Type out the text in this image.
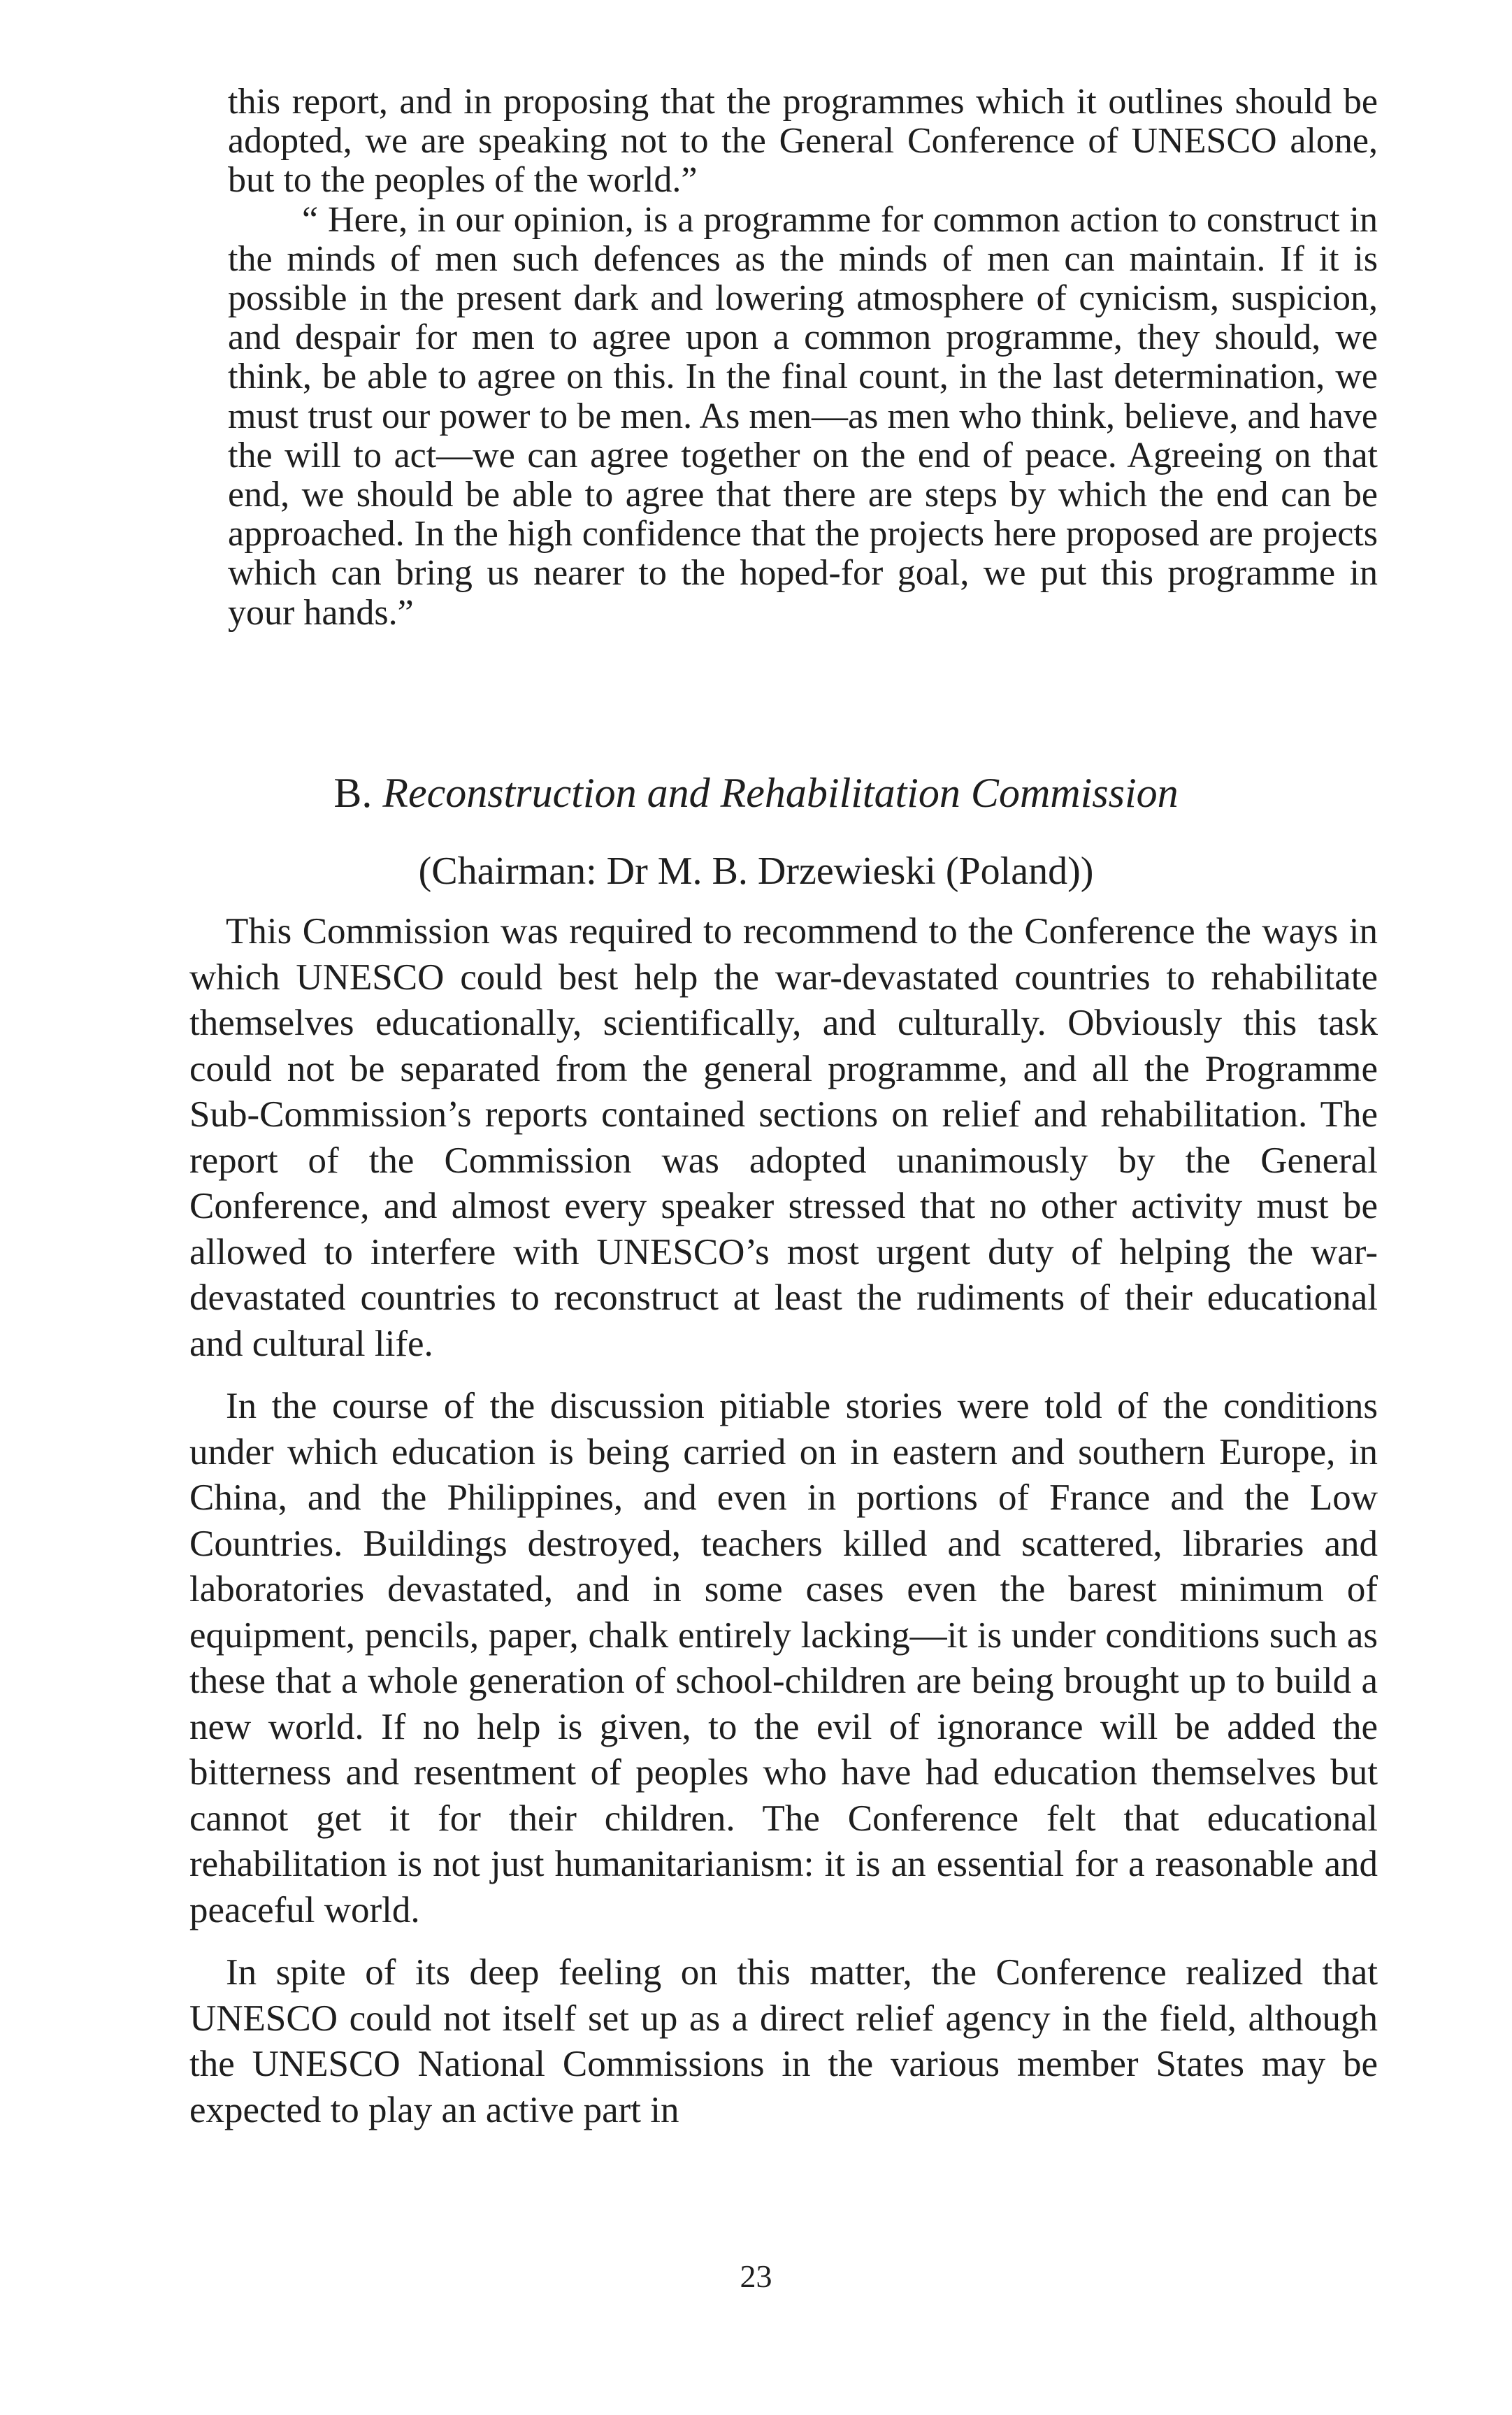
this report, and in proposing that the programmes which it outlines should be adopted, we are speaking not to the General Conference of UNESCO alone, but to the peoples of the world.”

“ Here, in our opinion, is a programme for common action to construct in the minds of men such defences as the minds of men can maintain. If it is possible in the present dark and lowering atmosphere of cynicism, suspicion, and despair for men to agree upon a common programme, they should, we think, be able to agree on this. In the final count, in the last determination, we must trust our power to be men. As men—as men who think, believe, and have the will to act—we can agree together on the end of peace. Agreeing on that end, we should be able to agree that there are steps by which the end can be approached. In the high confidence that the projects here proposed are projects which can bring us nearer to the hoped-for goal, we put this programme in your hands.”

B. Reconstruction and Rehabilitation Commission

(Chairman: Dr M. B. Drzewieski (Poland))

This Commission was required to recommend to the Conference the ways in which UNESCO could best help the war-devastated countries to rehabilitate themselves educationally, scientifically, and culturally. Obviously this task could not be separated from the general programme, and all the Programme Sub-Commission’s reports contained sections on relief and rehabilitation. The report of the Commission was adopted unanimously by the General Conference, and almost every speaker stressed that no other activity must be allowed to interfere with UNESCO’s most urgent duty of helping the war-devastated countries to reconstruct at least the rudiments of their educational and cultural life.

In the course of the discussion pitiable stories were told of the conditions under which education is being carried on in eastern and southern Europe, in China, and the Philippines, and even in portions of France and the Low Countries. Buildings destroyed, teachers killed and scattered, libraries and laboratories devastated, and in some cases even the barest minimum of equipment, pencils, paper, chalk entirely lacking—it is under conditions such as these that a whole generation of school-children are being brought up to build a new world. If no help is given, to the evil of ignorance will be added the bitterness and resentment of peoples who have had education themselves but cannot get it for their children. The Conference felt that educational rehabilitation is not just humanitarianism: it is an essential for a reasonable and peaceful world.

In spite of its deep feeling on this matter, the Conference realized that UNESCO could not itself set up as a direct relief agency in the field, although the UNESCO National Commissions in the various member States may be expected to play an active part in

23
